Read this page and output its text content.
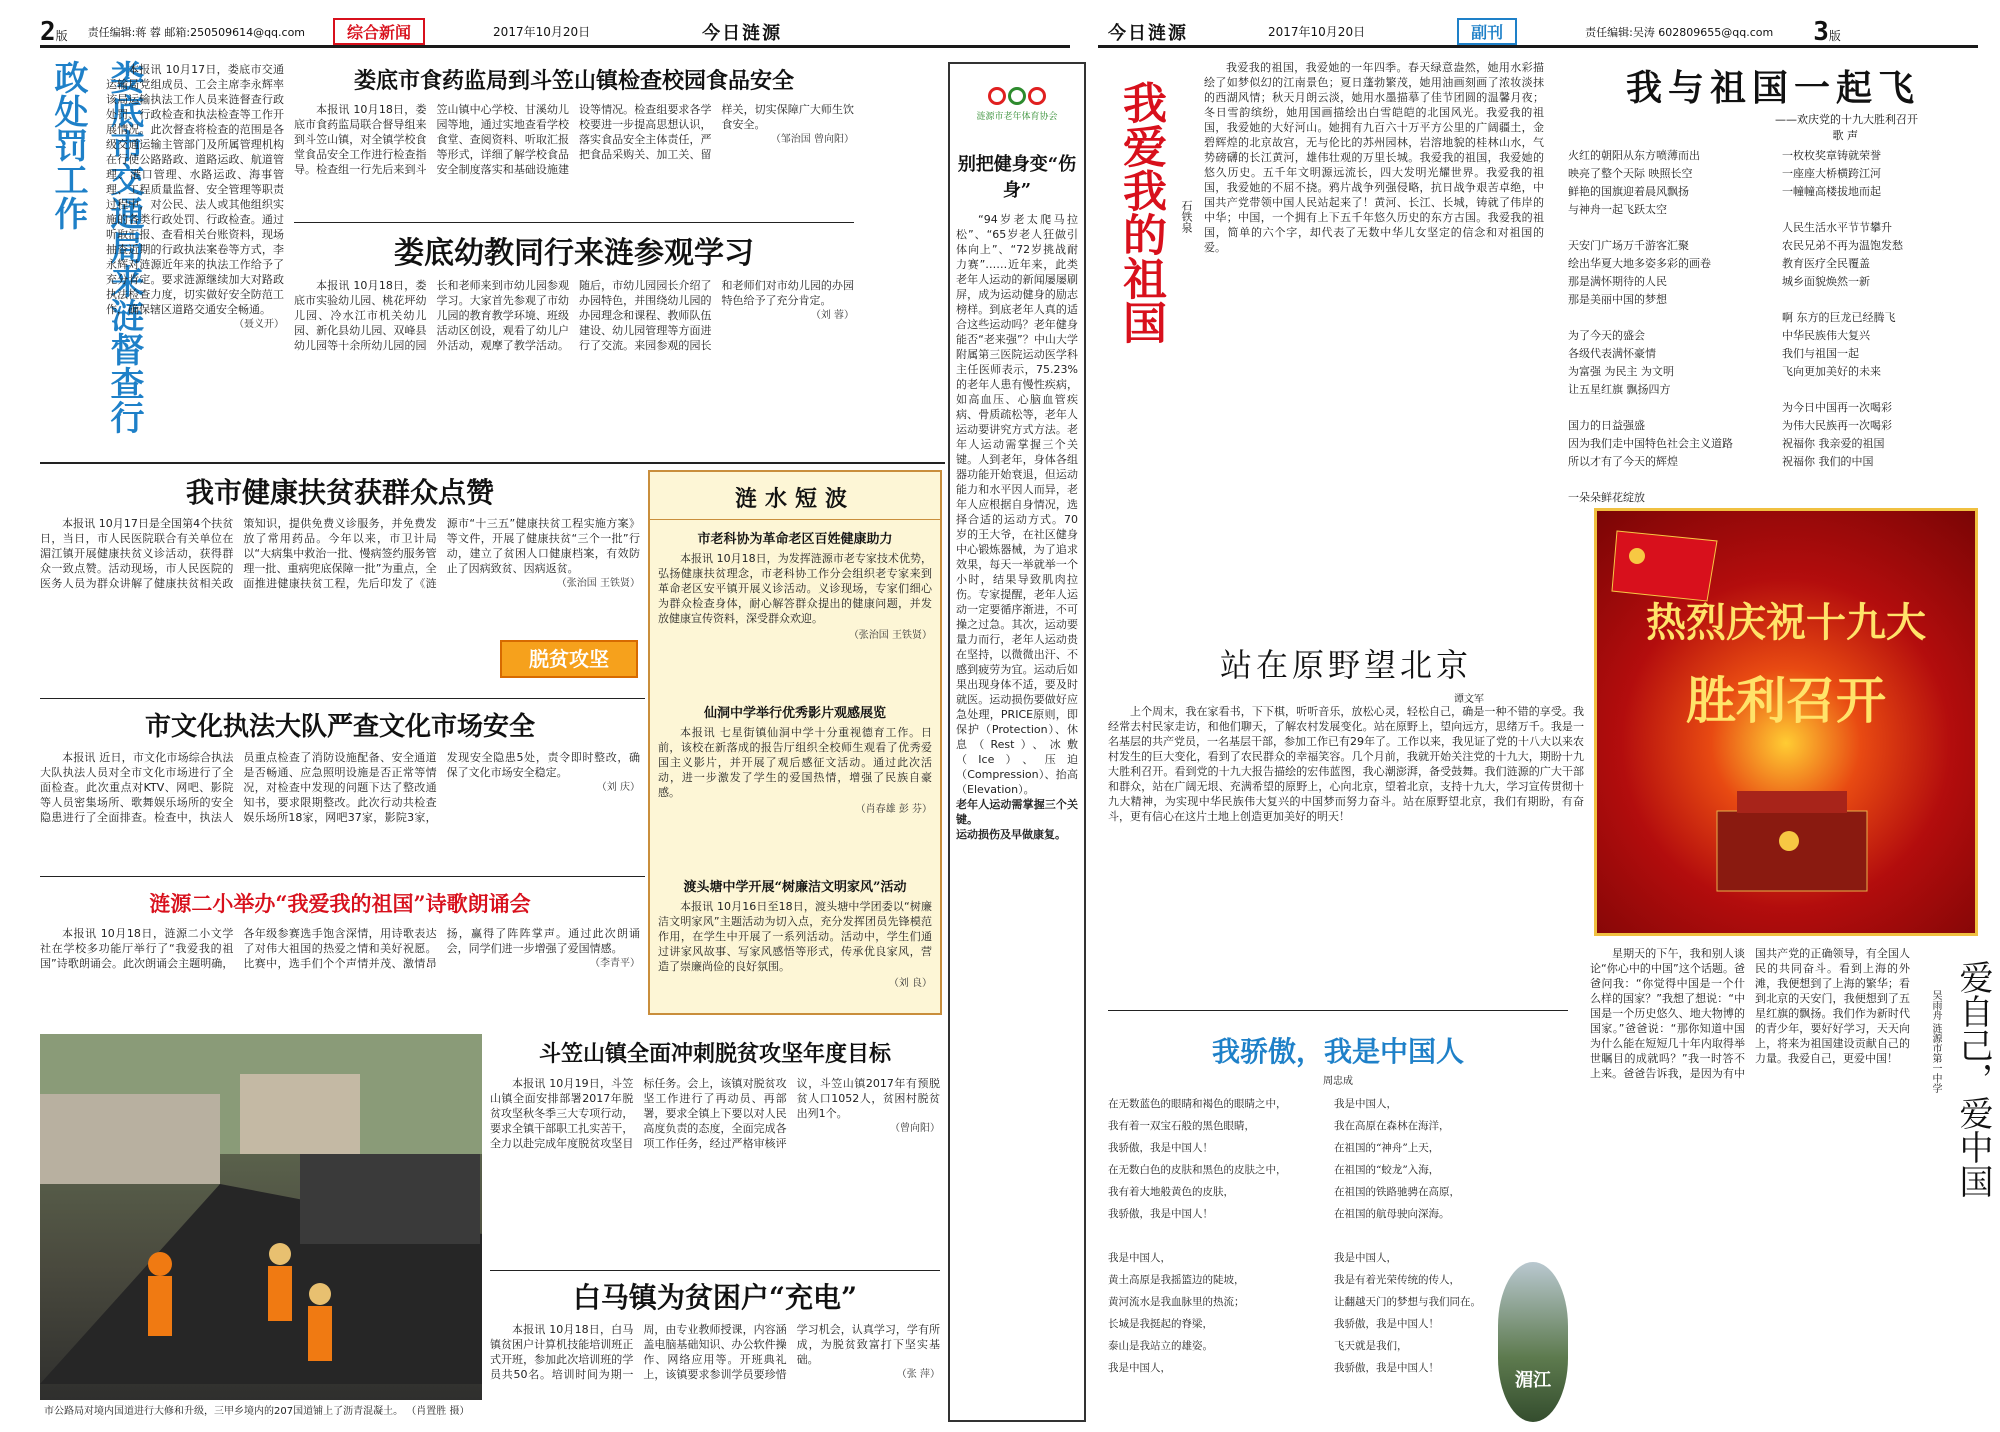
2版 责任编辑:蒋 蓉 邮箱:250509614@qq.com	综合新闻	2017年10月20日	今日涟源
娄底市交通局来涟督查行政处罚工作	本报讯 10月17日，娄底市交通运输局党组成员、工会主席李永辉率该局运输执法工作人员来涟督查行政处罚、行政检查和执法检查等工作开展情况。此次督查将检查的范围是各级交通运输主管部门及所属管理机构在行使公路路政、道路运政、航道管理、港口管理、水路运政、海事管理、工程质量监督、安全管理等职责过程中，对公民、法人或其他组织实施的各类行政处罚、行政检查。通过听取汇报、查看相关台账资料，现场抽查近期的行政执法案卷等方式，李永辉对涟源近年来的执法工作给予了充分肯定。要求涟源继续加大对路政执法检查力度，切实做好安全防范工作，确保辖区道路交通安全畅通。

（聂义开）
娄底市食药监局到斗笠山镇检查校园食品安全

本报讯 10月18日，娄底市食药监局联合督导组来到斗笠山镇，对全镇学校食堂食品安全工作进行检查指导。检查组一行先后来到斗笠山镇中心学校、甘溪幼儿园等地，通过实地查看学校食堂、查阅资料、听取汇报等形式，详细了解学校食品安全制度落实和基础设施建设等情况。检查组要求各学校要进一步提高思想认识，落实食品安全主体责任，严把食品采购关、加工关、留样关，切实保障广大师生饮食安全。

（邹治国 曾向阳）
娄底幼教同行来涟参观学习

本报讯 10月18日，娄底市实验幼儿园、桃花坪幼儿园、冷水江市机关幼儿园、新化县幼儿园、双峰县幼儿园等十余所幼儿园的园长和老师来到市幼儿园参观学习。大家首先参观了市幼儿园的教育教学环境、班级活动区创设，观看了幼儿户外活动，观摩了教学活动。随后，市幼儿园园长介绍了办园特色，并围绕幼儿园的办园理念和课程、教师队伍建设、幼儿园管理等方面进行了交流。来园参观的园长和老师们对市幼儿园的办园特色给予了充分肯定。

（刘 蓉）
我市健康扶贫获群众点赞

本报讯 10月17日是全国第4个扶贫日，当日，市人民医院联合有关单位在湄江镇开展健康扶贫义诊活动，获得群众一致点赞。活动现场，市人民医院的医务人员为群众讲解了健康扶贫相关政策知识，提供免费义诊服务，并免费发放了常用药品。今年以来，市卫计局以“大病集中救治一批、慢病签约服务管理一批、重病兜底保障一批”为重点，全面推进健康扶贫工程，先后印发了《涟源市“十三五”健康扶贫工程实施方案》等文件，开展了健康扶贫“三个一批”行动，建立了贫困人口健康档案，有效防止了因病致贫、因病返贫。

（张治国 王铁贤）
脱贫攻坚
市文化执法大队严查文化市场安全

本报讯 近日，市文化市场综合执法大队执法人员对全市文化市场进行了全面检查。此次重点对KTV、网吧、影院等人员密集场所、歌舞娱乐场所的安全隐患进行了全面排查。检查中，执法人员重点检查了消防设施配备、安全通道是否畅通、应急照明设施是否正常等情况，对检查中发现的问题下达了整改通知书，要求限期整改。此次行动共检查娱乐场所18家，网吧37家，影院3家，发现安全隐患5处，责令即时整改，确保了文化市场安全稳定。

（刘 庆）
涟源二小举办“我爱我的祖国”诗歌朗诵会

本报讯 10月18日，涟源二小文学社在学校多功能厅举行了“我爱我的祖国”诗歌朗诵会。此次朗诵会主题明确，各年级参赛选手饱含深情，用诗歌表达了对伟大祖国的热爱之情和美好祝愿。比赛中，选手们个个声情并茂、激情昂扬，赢得了阵阵掌声。通过此次朗诵会，同学们进一步增强了爱国情感。

（李青平）
涟水短波
市老科协为革命老区百姓健康助力

本报讯 10月18日，为发挥涟源市老专家技术优势，弘扬健康扶贫理念，市老科协工作分会组织老专家来到革命老区安平镇开展义诊活动。义诊现场，专家们细心为群众检查身体，耐心解答群众提出的健康问题，并发放健康宣传资料，深受群众欢迎。

（张治国 王铁贤）
仙洞中学举行优秀影片观感展览

本报讯 七星街镇仙洞中学十分重视德育工作。日前，该校在新落成的报告厅组织全校师生观看了优秀爱国主义影片，并开展了观后感征文活动。通过此次活动，进一步激发了学生的爱国热情，增强了民族自豪感。

（肖春雄 彭 芬）
渡头塘中学开展“树廉洁文明家风”活动

本报讯 10月16日至18日，渡头塘中学团委以“树廉洁文明家风”主题活动为切入点，充分发挥团员先锋模范作用，在学生中开展了一系列活动。活动中，学生们通过讲家风故事、写家风感悟等形式，传承优良家风，营造了崇廉尚俭的良好氛围。

（刘 良）
涟源市老年体育协会
别把健身变“伤身”

“94岁老太爬马拉松”、“65岁老人狂做引体向上”、“72岁挑战耐力赛”……近年来，此类老年人运动的新闻屡屡刷屏，成为运动健身的励志榜样。到底老年人真的适合这些运动吗？老年健身能否“老来强”？中山大学附属第三医院运动医学科主任医师表示，75.23%的老年人患有慢性疾病，如高血压、心脑血管疾病、骨质疏松等，老年人运动要讲究方式方法。老年人运动需掌握三个关键。人到老年，身体各组器功能开始衰退，但运动能力和水平因人而异，老年人应根据自身情况，选择合适的运动方式。70岁的王大爷，在社区健身中心锻炼器械，为了追求效果，每天一举就举一个小时，结果导致肌肉拉伤。专家提醒，老年人运动一定要循序渐进，不可操之过急。其次，运动要量力而行，老年人运动贵在坚持，以微微出汗、不感到疲劳为宜。运动后如果出现身体不适，要及时就医。运动损伤要做好应急处理，PRICE原则，即保护（Protection）、休息（Rest）、冰敷（Ice）、压迫（Compression）、抬高（Elevation）。

老年人运动需掌握三个关键。

运动损伤及早做康复。

市公路局对境内国道进行大修和升级，三甲乡境内的207国道铺上了沥青混凝土。 （肖置胜 摄）
斗笠山镇全面冲刺脱贫攻坚年度目标

本报讯 10月19日，斗笠山镇全面安排部署2017年脱贫攻坚秋冬季三大专项行动，要求全镇干部职工扎实苦干，全力以赴完成年度脱贫攻坚目标任务。会上，该镇对脱贫攻坚工作进行了再动员、再部署，要求全镇上下要以对人民高度负责的态度，全面完成各项工作任务，经过严格审核评议，斗笠山镇2017年有预脱贫人口1052人，贫困村脱贫出列1个。

（曾向阳）
白马镇为贫困户“充电”

本报讯 10月18日，白马镇贫困户计算机技能培训班正式开班，参加此次培训班的学员共50名。培训时间为期一周，由专业教师授课，内容涵盖电脑基础知识、办公软件操作、网络应用等。开班典礼上，该镇要求参训学员要珍惜学习机会，认真学习，学有所成，为脱贫致富打下坚实基础。

（张 萍）
今日涟源	2017年10月20日	副刊	责任编辑:吴涛 602809655@qq.com 3版
我爱我的祖国	石铁泉

我爱我的祖国，我爱她的一年四季。春天绿意盎然，她用水彩描绘了如梦似幻的江南景色；夏日蓬勃繁茂，她用油画刻画了浓妆淡抹的西湖风情；秋天月朗云淡，她用水墨描摹了佳节团圆的温馨月夜；冬日雪韵缤纷，她用国画描绘出白雪皑皑的北国风光。我爱我的祖国，我爱她的大好河山。她拥有九百六十万平方公里的广阔疆土，金碧辉煌的北京故宫，无与伦比的苏州园林，岩溶地貌的桂林山水，气势磅礴的长江黄河，雄伟壮观的万里长城。我爱我的祖国，我爱她的悠久历史。五千年文明源远流长，四大发明光耀世界。我爱我的祖国，我爱她的不屈不挠。鸦片战争列强侵略，抗日战争艰苦卓绝，中国共产党带领中国人民站起来了！黄河、长江、长城，铸就了伟岸的中华；中国，一个拥有上下五千年悠久历史的东方古国。我爱我的祖国，简单的六个字，却代表了无数中华儿女坚定的信念和对祖国的爱。

我与祖国一起飞
——欢庆党的十九大胜利召开
歌 声
火红的朝阳从东方喷薄而出
映亮了整个天际 映照长空
鲜艳的国旗迎着晨风飘扬
与神舟一起飞跃太空

天安门广场万千游客汇聚
绘出华夏大地多姿多彩的画卷
那是满怀期待的人民
那是美丽中国的梦想

为了今天的盛会
各级代表满怀豪情
为富强 为民主 为文明
让五星红旗 飘扬四方

国力的日益强盛
因为我们走中国特色社会主义道路
所以才有了今天的辉煌

一朵朵鲜花绽放
一枚枚奖章铸就荣誉
一座座大桥横跨江河
一幢幢高楼拔地而起

人民生活水平节节攀升
农民兄弟不再为温饱发愁
教育医疗全民覆盖
城乡面貌焕然一新

啊 东方的巨龙已经腾飞
中华民族伟大复兴
我们与祖国一起
飞向更加美好的未来

为今日中国再一次喝彩
为伟大民族再一次喝彩
祝福你 我亲爱的祖国
祝福你 我们的中国
热烈庆祝十九大
胜利召开
站在原野望北京
谭文军

上个周末，我在家看书，下下棋，听听音乐，放松心灵，轻松自己，确是一种不错的享受。我经常去村民家走访，和他们聊天，了解农村发展变化。站在原野上，望向远方，思绪万千。我是一名基层的共产党员，一名基层干部，参加工作已有29年了。工作以来，我见证了党的十八大以来农村发生的巨大变化，看到了农民群众的幸福笑容。几个月前，我就开始关注党的十九大，期盼十九大胜利召开。看到党的十九大报告描绘的宏伟蓝图，我心潮澎湃，备受鼓舞。我们涟源的广大干部和群众，站在广阔无垠、充满希望的原野上，心向北京，望着北京，支持十九大，学习宣传贯彻十九大精神，为实现中华民族伟大复兴的中国梦而努力奋斗。站在原野望北京，我们有期盼，有奋斗，更有信心在这片土地上创造更加美好的明天！

我骄傲，我是中国人
周忠成
在无数蓝色的眼睛和褐色的眼睛之中，
我有着一双宝石般的黑色眼睛，
我骄傲，我是中国人！
在无数白色的皮肤和黑色的皮肤之中，
我有着大地般黄色的皮肤，
我骄傲，我是中国人！

我是中国人，
黄土高原是我摇篮边的陡坡，
黄河流水是我血脉里的热流；
长城是我挺起的脊梁，
泰山是我站立的雄姿。
我是中国人，
我是中国人，
我在高原在森林在海洋，
在祖国的“神舟”上天，
在祖国的“蛟龙”入海，
在祖国的铁路驰骋在高原，
在祖国的航母驶向深海。

我是中国人，
我是有着光荣传统的传人，
让翻越天门的梦想与我们同在。
我骄傲，我是中国人！
飞天就是我们，
我骄傲，我是中国人！
湄江

星期天的下午，我和别人谈论“你心中的中国”这个话题。爸爸问我：“你觉得中国是一个什么样的国家？”我想了想说：“中国是一个历史悠久、地大物博的国家。”爸爸说：“那你知道中国为什么能在短短几十年内取得举世瞩目的成就吗？”我一时答不上来。爸爸告诉我，是因为有中国共产党的正确领导，有全国人民的共同奋斗。看到上海的外滩，我便想到了上海的繁华；看到北京的天安门，我便想到了五星红旗的飘扬。我们作为新时代的青少年，要好好学习，天天向上，将来为祖国建设贡献自己的力量。我爱自己，更爱中国！

吴雨舟 涟源市第一中学 爱自己，爱中国
